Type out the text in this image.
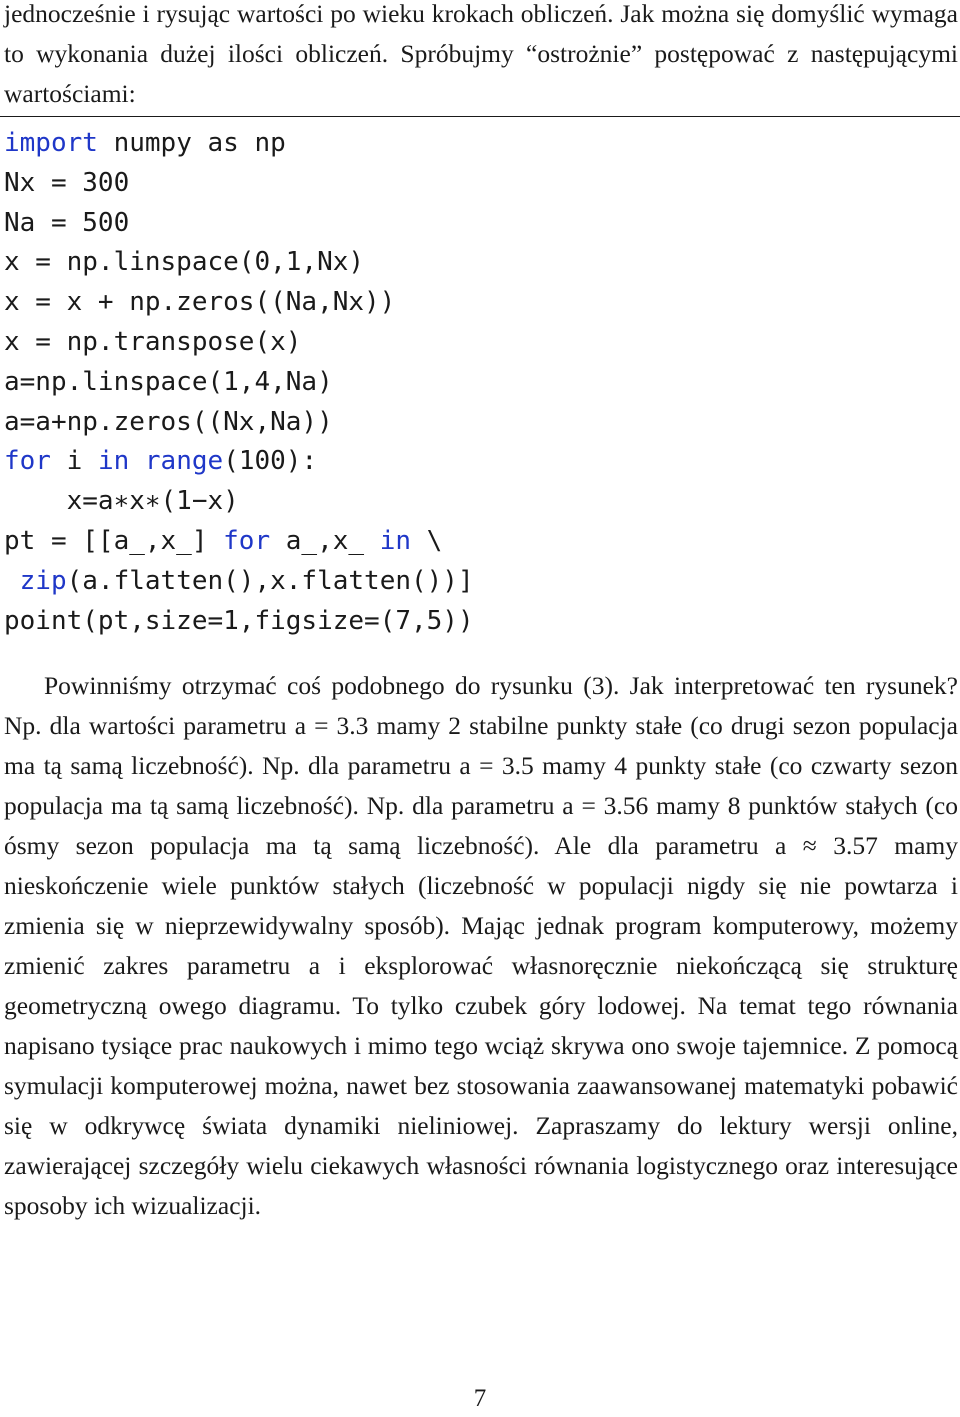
jednocześnie i rysując wartości po wieku krokach obliczeń. Jak można się domyślić wymaga to wykonania dużej ilości obliczeń. Spróbujmy “ostrożnie” postępować z następującymi wartościami:

import numpy as np
Nx = 300
Na = 500
x = np.linspace(0,1,Nx)
x = x + np.zeros((Na,Nx))
x = np.transpose(x)
a=np.linspace(1,4,Na)
a=a+np.zeros((Nx,Na))
for i in range(100):
x=a∗x∗(1−x)
pt = [[a_,x_] for a_,x_ in \
zip(a.flatten(),x.flatten())]
point(pt,size=1,figsize=(7,5))

Powinniśmy otrzymać coś podobnego do rysunku (3). Jak interpretować ten rysunek? Np. dla wartości parametru a = 3.3 mamy 2 stabilne punkty stałe (co drugi sezon populacja ma tą samą liczebność). Np. dla parametru a = 3.5 mamy 4 punkty stałe (co czwarty sezon populacja ma tą samą liczebność). Np. dla parametru a = 3.56 mamy 8 punktów stałych (co ósmy sezon populacja ma tą samą liczebność). Ale dla parametru a ≈ 3.57 mamy nieskończenie wiele punktów stałych (liczebność w populacji nigdy się nie powtarza i zmienia się w nieprzewidywalny sposób). Mając jednak program komputerowy, możemy zmienić zakres parametru a i eksplorować własnoręcznie niekończącą się strukturę geometryczną owego diagramu. To tylko czubek góry lodowej. Na temat tego równania napisano tysiące prac naukowych i mimo tego wciąż skrywa ono swoje tajemnice. Z pomocą symulacji komputerowej można, nawet bez stosowania zaawansowanej matematyki pobawić się w odkrywcę świata dynamiki nieliniowej. Zapraszamy do lektury wersji online, zawierającej szczegóły wielu ciekawych własności równania logistycznego oraz interesujące sposoby ich wizualizacji.

7
